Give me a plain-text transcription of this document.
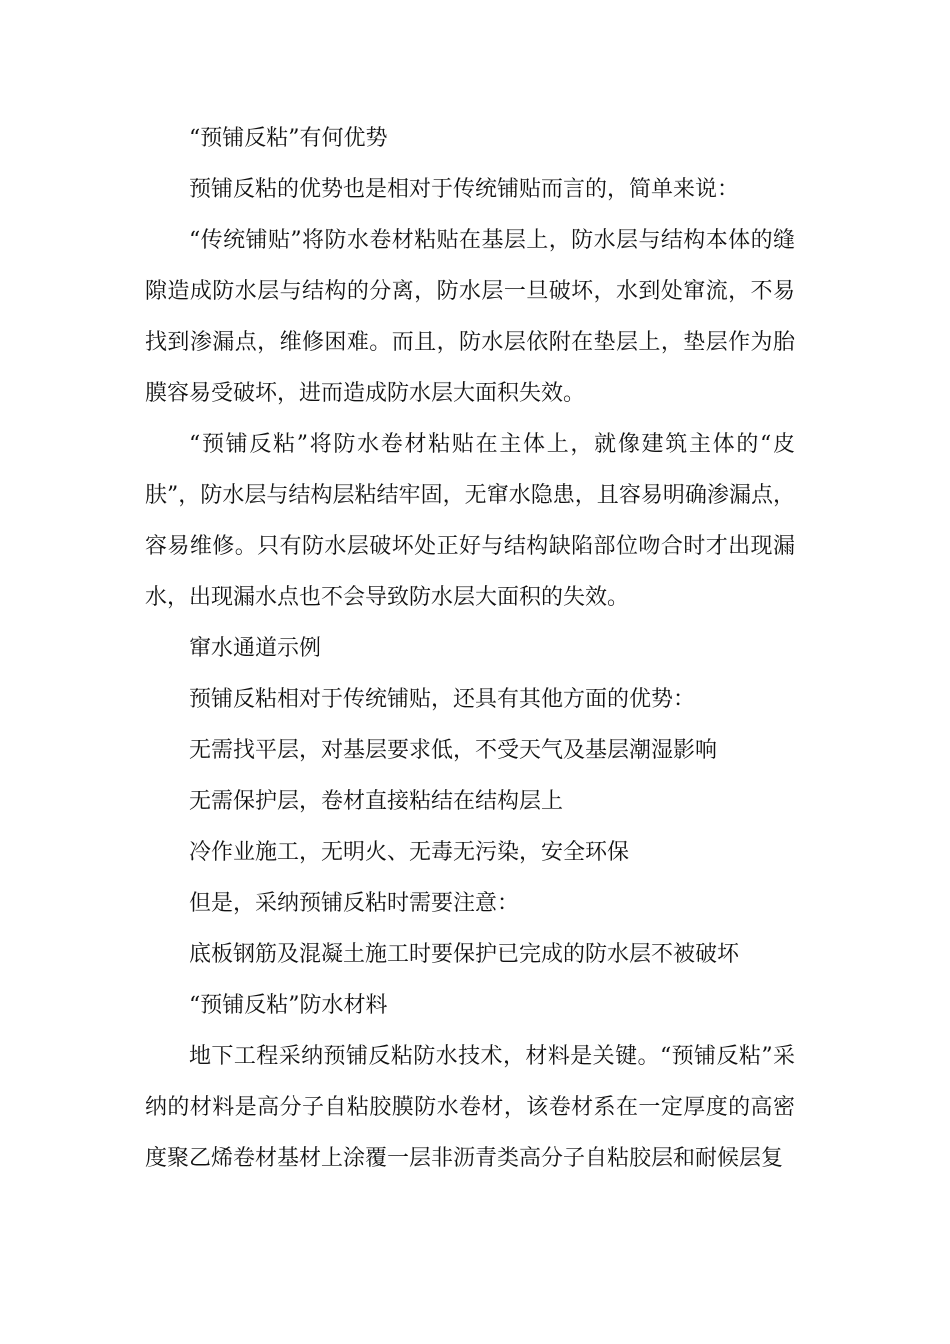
“预铺反粘”有何优势

预铺反粘的优势也是相对于传统铺贴而言的，简单来说：

“传统铺贴”将防水卷材粘贴在基层上，防水层与结构本体的缝隙造成防水层与结构的分离，防水层一旦破坏，水到处窜流，不易找到渗漏点，维修困难。而且，防水层依附在垫层上，垫层作为胎膜容易受破坏，进而造成防水层大面积失效。

“预铺反粘”将防水卷材粘贴在主体上，就像建筑主体的“皮肤”，防水层与结构层粘结牢固，无窜水隐患，且容易明确渗漏点，容易维修。只有防水层破坏处正好与结构缺陷部位吻合时才出现漏水，出现漏水点也不会导致防水层大面积的失效。

窜水通道示例

预铺反粘相对于传统铺贴，还具有其他方面的优势：

无需找平层，对基层要求低，不受天气及基层潮湿影响

无需保护层，卷材直接粘结在结构层上

冷作业施工，无明火、无毒无污染，安全环保

但是，采纳预铺反粘时需要注意：

底板钢筋及混凝土施工时要保护已完成的防水层不被破坏

“预铺反粘”防水材料

地下工程采纳预铺反粘防水技术，材料是关键。“预铺反粘”采纳的材料是高分子自粘胶膜防水卷材，该卷材系在一定厚度的高密度聚乙烯卷材基材上涂覆一层非沥青类高分子自粘胶层和耐候层复
